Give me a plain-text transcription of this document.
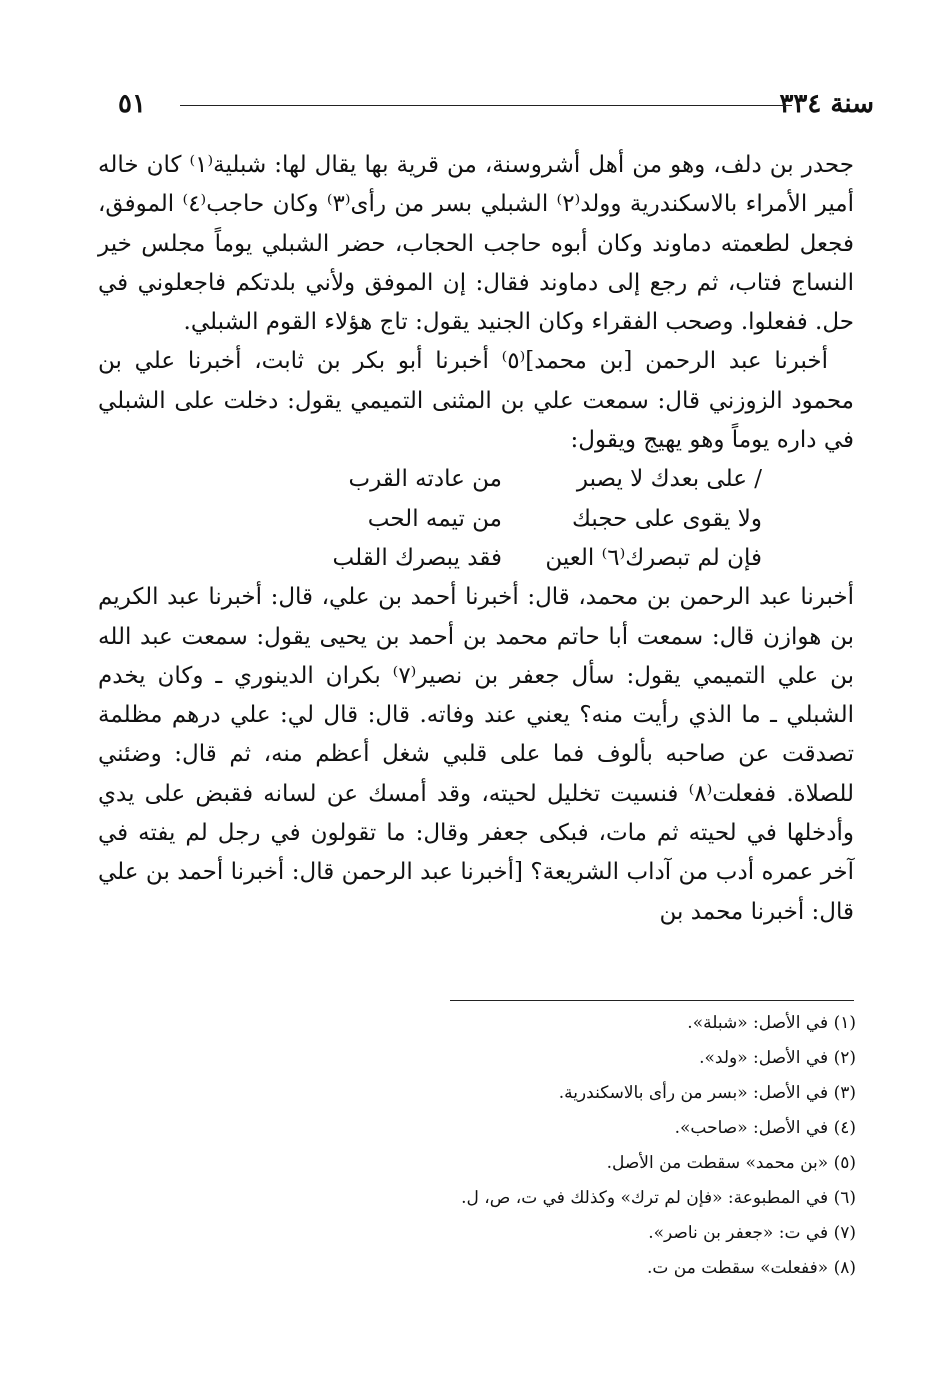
سنة ٣٣٤
٥١

جحدر بن دلف، وهو من أهل أشروسنة، من قرية بها يقال لها: شبلية⁽١⁾ كان خاله أمير الأمراء بالاسكندرية وولد⁽٢⁾ الشبلي بسر من رأى⁽٣⁾ وكان حاجب⁽٤⁾ الموفق، فجعل لطعمته دماوند وكان أبوه حاجب الحجاب، حضر الشبلي يوماً مجلس خير النساج فتاب، ثم رجع إلى دماوند فقال: إن الموفق ولأني بلدتكم فاجعلوني في حل. ففعلوا. وصحب الفقراء وكان الجنيد يقول: تاج هؤلاء القوم الشبلي.

أخبرنا عبد الرحمن [بن محمد]⁽٥⁾ أخبرنا أبو بكر بن ثابت، أخبرنا علي بن محمود الزوزني قال: سمعت علي بن المثنى التميمي يقول: دخلت على الشبلي في داره يوماً وهو يهيج ويقول:

/ على بعدك لا يصبر
من عادته القرب
ولا يقوى على حجبك
من تيمه الحب
فإن لم تبصرك⁽٦⁾ العين
فقد يبصرك القلب

أخبرنا عبد الرحمن بن محمد، قال: أخبرنا أحمد بن علي، قال: أخبرنا عبد الكريم بن هوازن قال: سمعت أبا حاتم محمد بن أحمد بن يحيى يقول: سمعت عبد الله بن علي التميمي يقول: سأل جعفر بن نصير⁽٧⁾ بكران الدينوري ـ وكان يخدم الشبلي ـ ما الذي رأيت منه؟ يعني عند وفاته. قال: قال لي: علي درهم مظلمة تصدقت عن صاحبه بألوف فما على قلبي شغل أعظم منه، ثم قال: وضئني للصلاة. ففعلت⁽٨⁾ فنسيت تخليل لحيته، وقد أمسك عن لسانه فقبض على يدي وأدخلها في لحيته ثم مات، فبكى جعفر وقال: ما تقولون في رجل لم يفته في آخر عمره أدب من آداب الشريعة؟ [أخبرنا عبد الرحمن قال: أخبرنا أحمد بن علي قال: أخبرنا محمد بن

(١) في الأصل: «شبلة».
(٢) في الأصل: «ولد».
(٣) في الأصل: «بسر من رأى بالاسكندرية.
(٤) في الأصل: «صاحب».
(٥) «بن محمد» سقطت من الأصل.
(٦) في المطبوعة: «فإن لم ترك» وكذلك في ت، ص، ل.
(٧) في ت: «جعفر بن ناصر».
(٨) «ففعلت» سقطت من ت.
